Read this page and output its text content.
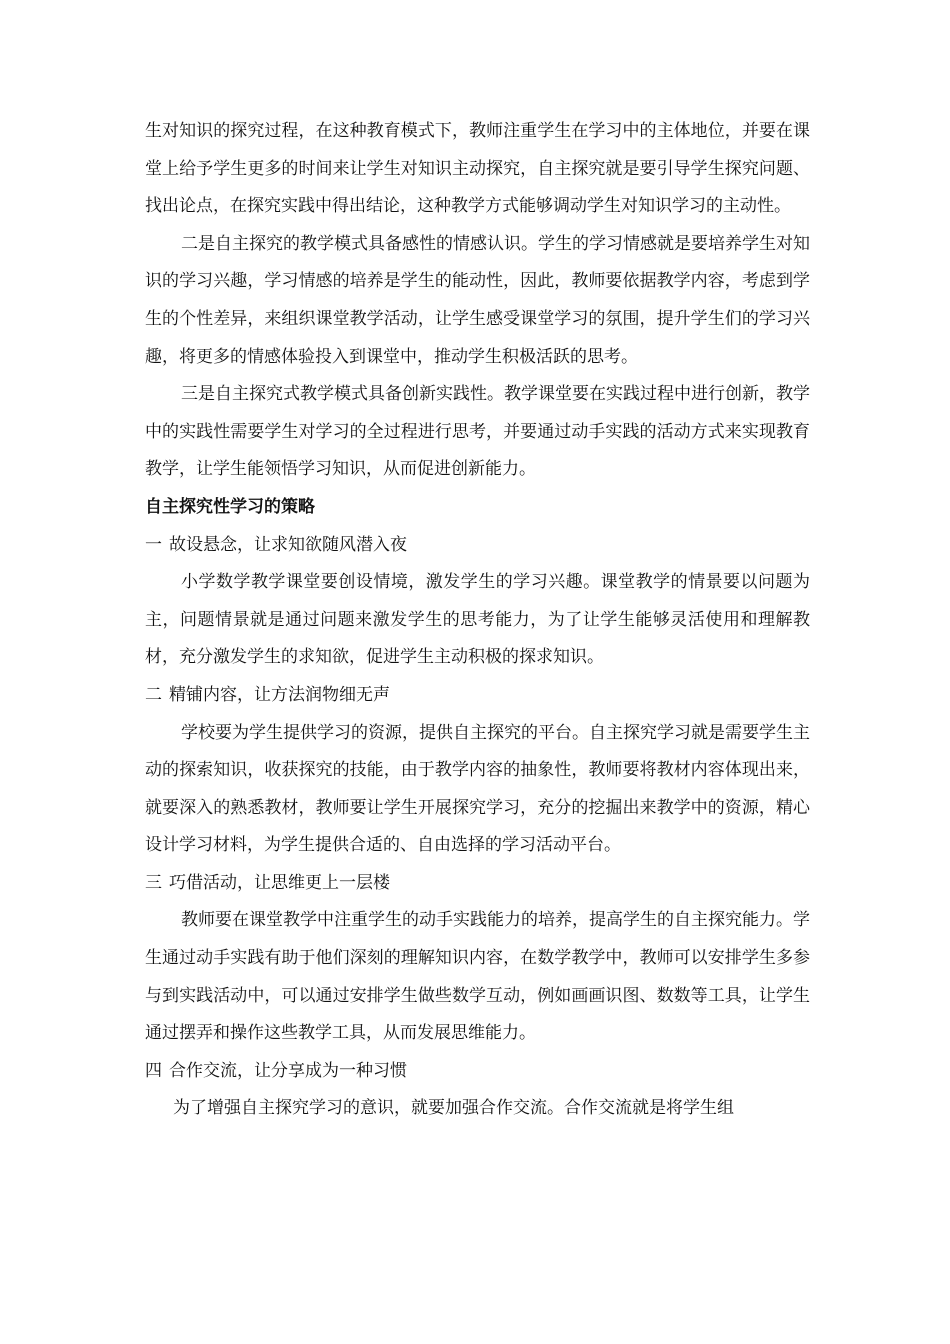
生对知识的探究过程，在这种教育模式下，教师注重学生在学习中的主体地位，并要在课堂上给予学生更多的时间来让学生对知识主动探究，自主探究就是要引导学生探究问题、找出论点，在探究实践中得出结论，这种教学方式能够调动学生对知识学习的主动性。

二是自主探究的教学模式具备感性的情感认识。学生的学习情感就是要培养学生对知识的学习兴趣，学习情感的培养是学生的能动性，因此，教师要依据教学内容，考虑到学生的个性差异，来组织课堂教学活动，让学生感受课堂学习的氛围，提升学生们的学习兴趣，将更多的情感体验投入到课堂中，推动学生积极活跃的思考。

三是自主探究式教学模式具备创新实践性。教学课堂要在实践过程中进行创新，教学中的实践性需要学生对学习的全过程进行思考，并要通过动手实践的活动方式来实现教育教学，让学生能领悟学习知识，从而促进创新能力。

自主探究性学习的策略
一 故设悬念，让求知欲随风潜入夜

小学数学教学课堂要创设情境，激发学生的学习兴趣。课堂教学的情景要以问题为主，问题情景就是通过问题来激发学生的思考能力，为了让学生能够灵活使用和理解教材，充分激发学生的求知欲，促进学生主动积极的探求知识。

二 精铺内容，让方法润物细无声

学校要为学生提供学习的资源，提供自主探究的平台。自主探究学习就是需要学生主动的探索知识，收获探究的技能，由于教学内容的抽象性，教师要将教材内容体现出来，就要深入的熟悉教材，教师要让学生开展探究学习，充分的挖掘出来教学中的资源，精心设计学习材料，为学生提供合适的、自由选择的学习活动平台。

三 巧借活动，让思维更上一层楼

教师要在课堂教学中注重学生的动手实践能力的培养，提高学生的自主探究能力。学生通过动手实践有助于他们深刻的理解知识内容，在数学教学中，教师可以安排学生多参与到实践活动中，可以通过安排学生做些数学互动，例如画画识图、数数等工具，让学生通过摆弄和操作这些教学工具，从而发展思维能力。

四 合作交流，让分享成为一种习惯

为了增强自主探究学习的意识，就要加强合作交流。合作交流就是将学生组
